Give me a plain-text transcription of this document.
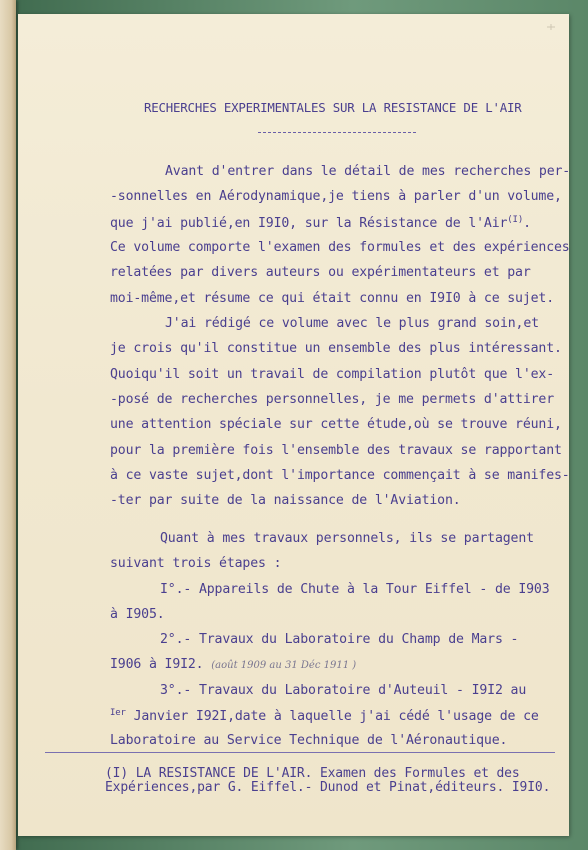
RECHERCHES EXPERIMENTALES SUR LA RESISTANCE DE L'AIR
Avant d'entrer dans le détail de mes recherches per-
-sonnelles en Aérodynamique,je tiens à parler d'un volume,
que j'ai publié,en I9I0, sur la Résistance de l'Air$^{(I)}$.
Ce volume comporte l'examen des formules et des expériences
relatées par divers auteurs ou expérimentateurs et par
moi-même,et résume ce qui était connu en I9I0 à ce sujet.
J'ai rédigé ce volume avec le plus grand soin,et
je crois qu'il constitue un ensemble des plus intéressant.
Quoiqu'il soit un travail de compilation plutôt que l'ex-
-posé de recherches personnelles, je me permets d'attirer
une attention spéciale sur cette étude,où se trouve réuni,
pour la première fois l'ensemble des travaux se rapportant
à ce vaste sujet,dont l'importance commençait à se manifes-
-ter par suite de la naissance de l'Aviation.
Quant à mes travaux personnels, ils se partagent
suivant trois étapes :
I°.- Appareils de Chute à la Tour Eiffel - de I903
à I905.
2°.- Travaux du Laboratoire du Champ de Mars -
I906 à I9I2. (août 1909 au 31 Déc 1911 )
3°.- Travaux du Laboratoire d'Auteuil - I9I2 au
$^{Ier}$ Janvier I92I,date à laquelle j'ai cédé l'usage de ce
Laboratoire au Service Technique de l'Aéronautique.
(I) LA RESISTANCE DE L'AIR. Examen des Formules et des
Expériences,par G. Eiffel.- Dunod et Pinat,éditeurs. I9I0.
